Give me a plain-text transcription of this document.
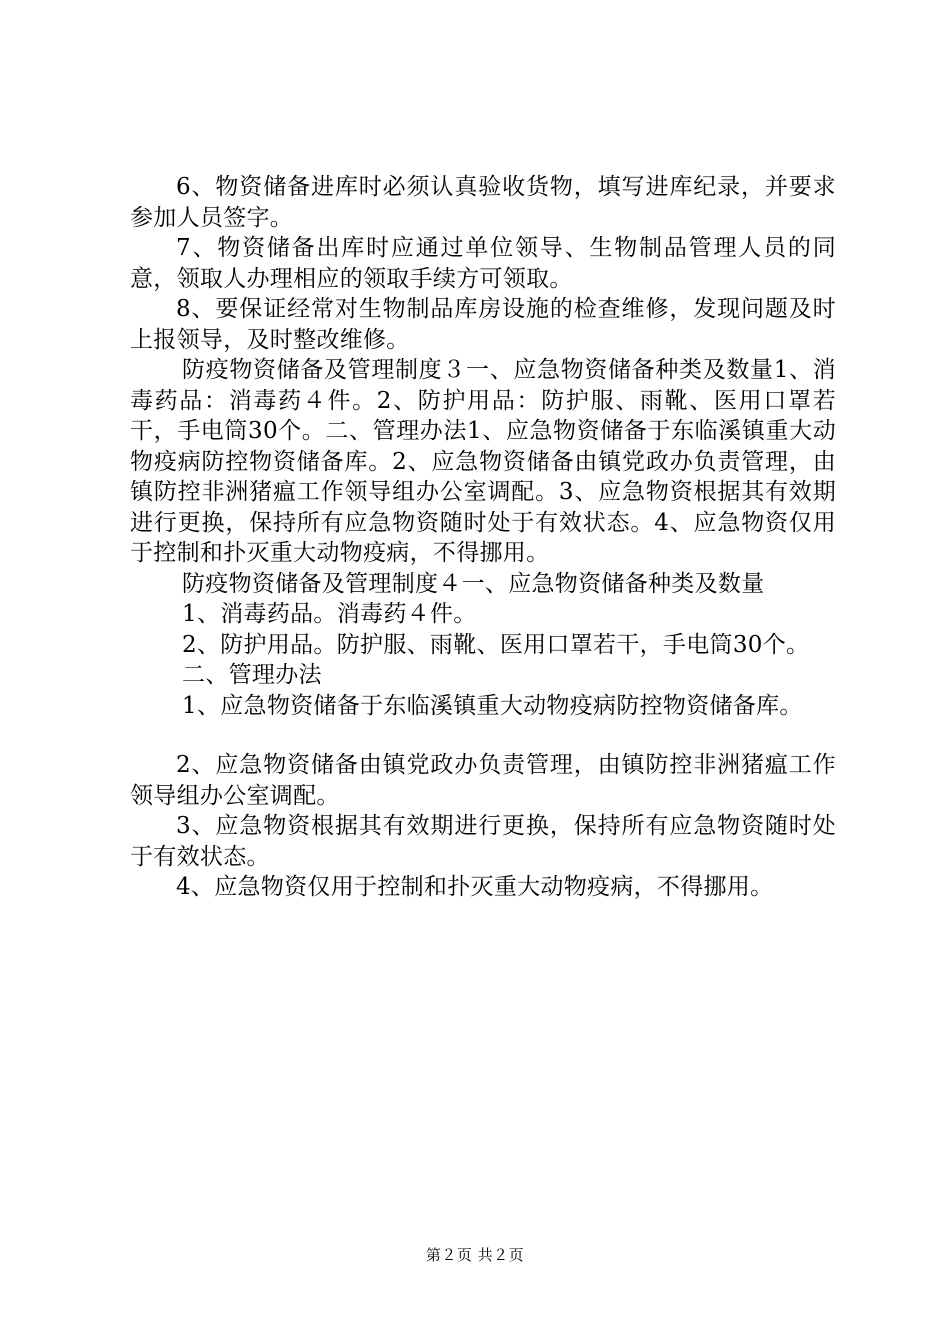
6、物资储备进库时必须认真验收货物，填写进库纪录，并要求参加人员签字。

7、物资储备出库时应通过单位领导、生物制品管理人员的同意，领取人办理相应的领取手续方可领取。

8、要保证经常对生物制品库房设施的检查维修，发现问题及时上报领导，及时整改维修。

防疫物资储备及管理制度３一、应急物资储备种类及数量1、消毒药品：消毒药４件。2、防护用品：防护服、雨靴、医用口罩若干，手电筒30个。二、管理办法1、应急物资储备于东临溪镇重大动物疫病防控物资储备库。2、应急物资储备由镇党政办负责管理，由镇防控非洲猪瘟工作领导组办公室调配。3、应急物资根据其有效期进行更换，保持所有应急物资随时处于有效状态。4、应急物资仅用于控制和扑灭重大动物疫病，不得挪用。

防疫物资储备及管理制度４一、应急物资储备种类及数量

1、消毒药品。消毒药４件。

2、防护用品。防护服、雨靴、医用口罩若干，手电筒30个。

二、管理办法

1、应急物资储备于东临溪镇重大动物疫病防控物资储备库。

2、应急物资储备由镇党政办负责管理，由镇防控非洲猪瘟工作领导组办公室调配。

3、应急物资根据其有效期进行更换，保持所有应急物资随时处于有效状态。

4、应急物资仅用于控制和扑灭重大动物疫病，不得挪用。

第２页 共２页
